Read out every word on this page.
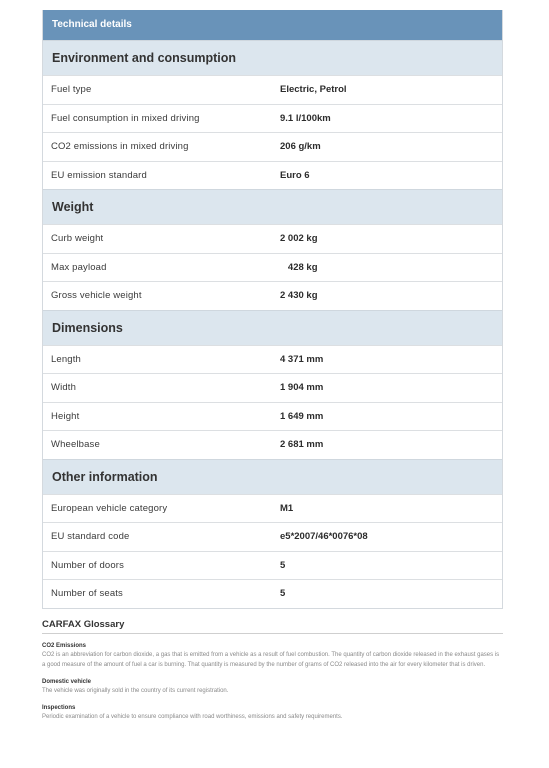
Technical details
Environment and consumption
Fuel type	Electric, Petrol
Fuel consumption in mixed driving	9.1 l/100km
CO2 emissions in mixed driving	206 g/km
EU emission standard	Euro 6
Weight
Curb weight	2 002 kg
Max payload	428 kg
Gross vehicle weight	2 430 kg
Dimensions
Length	4 371 mm
Width	1 904 mm
Height	1 649 mm
Wheelbase	2 681 mm
Other information
European vehicle category	M1
EU standard code	e5*2007/46*0076*08
Number of doors	5
Number of seats	5
CARFAX Glossary
CO2 Emissions
CO2 is an abbreviation for carbon dioxide, a gas that is emitted from a vehicle as a result of fuel combustion. The quantity of carbon dioxide released in the exhaust gases is a good measure of the amount of fuel a car is burning. That quantity is measured by the number of grams of CO2 released into the air for every kilometer that is driven.
Domestic vehicle
The vehicle was originally sold in the country of its current registration.
Inspections
Periodic examination of a vehicle to ensure compliance with road worthiness, emissions and safety requirements.
